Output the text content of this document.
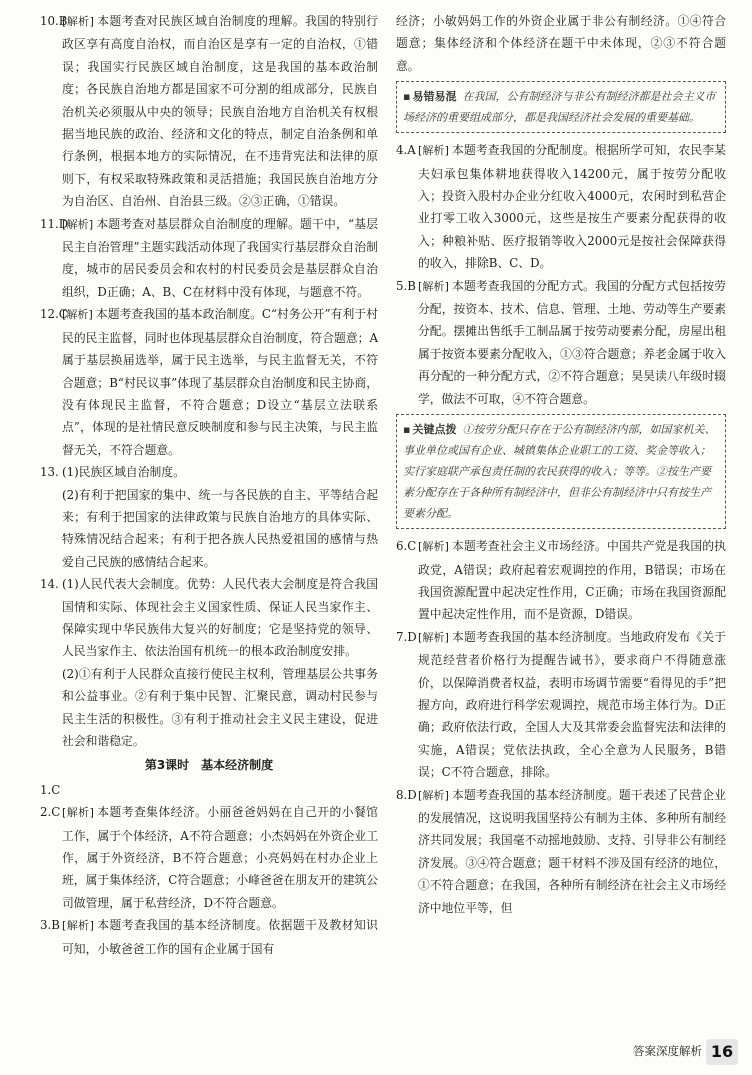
10.B

[解析] 本题考查对民族区域自治制度的理解。我国的特别行政区享有高度自治权，而自治区是享有一定的自治权，①错误；我国实行民族区域自治制度，这是我国的基本政治制度；各民族自治地方都是国家不可分割的组成部分，民族自治机关必须服从中央的领导；民族自治地方自治机关有权根据当地民族的政治、经济和文化的特点，制定自治条例和单行条例，根据本地方的实际情况，在不违背宪法和法律的原则下，有权采取特殊政策和灵活措施；我国民族自治地方分为自治区、自治州、自治县三级。②③正确，①错误。

11.D

[解析] 本题考查对基层群众自治制度的理解。题干中，“基层民主自治管理”主题实践活动体现了我国实行基层群众自治制度，城市的居民委员会和农村的村民委员会是基层群众自治组织，D正确；A、B、C在材料中没有体现，与题意不符。

12.C

[解析] 本题考查我国的基本政治制度。C“村务公开”有利于村民的民主监督，同时也体现基层群众自治制度，符合题意；A属于基层换届选举，属于民主选举，与民主监督无关，不符合题意；B“村民议事”体现了基层群众自治制度和民主协商，没有体现民主监督，不符合题意；D设立“基层立法联系点”，体现的是社情民意反映制度和参与民主决策，与民主监督无关，不符合题意。

13. (1)民族区域自治制度。

(2)有利于把国家的集中、统一与各民族的自主、平等结合起来；有利于把国家的法律政策与民族自治地方的具体实际、特殊情况结合起来；有利于把各族人民热爱祖国的感情与热爱自己民族的感情结合起来。

14. (1)人民代表大会制度。优势：人民代表大会制度是符合我国国情和实际、体现社会主义国家性质、保证人民当家作主、保障实现中华民族伟大复兴的好制度；它是坚持党的领导、人民当家作主、依法治国有机统一的根本政治制度安排。

(2)①有利于人民群众直接行使民主权利，管理基层公共事务和公益事业。②有利于集中民智、汇聚民意，调动村民参与民主生活的积极性。③有利于推动社会主义民主建设，促进社会和谐稳定。

第3课时　基本经济制度
1.C

2.C [解析] 本题考查集体经济。小丽爸爸妈妈在自己开的小餐馆工作，属于个体经济，A不符合题意；小杰妈妈在外资企业工作，属于外资经济，B不符合题意；小亮妈妈在村办企业上班，属于集体经济，C符合题意；小峰爸爸在朋友开的建筑公司做管理，属于私营经济，D不符合题意。

3.B [解析] 本题考查我国的基本经济制度。依据题干及教材知识可知，小敏爸爸工作的国有企业属于国有

经济；小敏妈妈工作的外资企业属于非公有制经济。①④符合题意；集体经济和个体经济在题干中未体现，②③不符合题意。

▪ 易错易混 在我国，公有制经济与非公有制经济都是社会主义市场经济的重要组成部分，都是我国经济社会发展的重要基础。
4.A [解析] 本题考查我国的分配制度。根据所学可知，农民李某夫妇承包集体耕地获得收入14200元，属于按劳分配收入；投资入股村办企业分红收入4000元，农闲时到私营企业打零工收入3000元，这些是按生产要素分配获得的收入；种粮补贴、医疗报销等收入2000元是按社会保障获得的收入，排除B、C、D。

5.B [解析] 本题考查我国的分配方式。我国的分配方式包括按劳分配，按资本、技术、信息、管理、土地、劳动等生产要素分配。摆摊出售纸手工制品属于按劳动要素分配，房屋出租属于按资本要素分配收入，①③符合题意；养老金属于收入再分配的一种分配方式，②不符合题意；昊昊读八年级时辍学，做法不可取，④不符合题意。

▪ 关键点拨 ①按劳分配只存在于公有制经济内部，如国家机关、事业单位或国有企业、城镇集体企业职工的工资、奖金等收入；实行家庭联产承包责任制的农民获得的收入；等等。②按生产要素分配存在于各种所有制经济中，但非公有制经济中只有按生产要素分配。
6.C [解析] 本题考查社会主义市场经济。中国共产党是我国的执政党，A错误；政府起着宏观调控的作用，B错误；市场在我国资源配置中起决定性作用，C正确；市场在我国资源配置中起决定性作用，而不是资源，D错误。

7.D [解析] 本题考查我国的基本经济制度。当地政府发布《关于规范经营者价格行为提醒告诫书》，要求商户不得随意涨价，以保障消费者权益，表明市场调节需要“看得见的手”把握方向，政府进行科学宏观调控，规范市场主体行为。D正确；政府依法行政，全国人大及其常委会监督宪法和法律的实施，A错误；党依法执政，全心全意为人民服务，B错误；C不符合题意，排除。

8.D [解析] 本题考查我国的基本经济制度。题干表述了民营企业的发展情况，这说明我国坚持公有制为主体、多种所有制经济共同发展；我国毫不动摇地鼓励、支持、引导非公有制经济发展。③④符合题意；题干材料不涉及国有经济的地位，①不符合题意；在我国，各种所有制经济在社会主义市场经济中地位平等，但

答案深度解析 16
